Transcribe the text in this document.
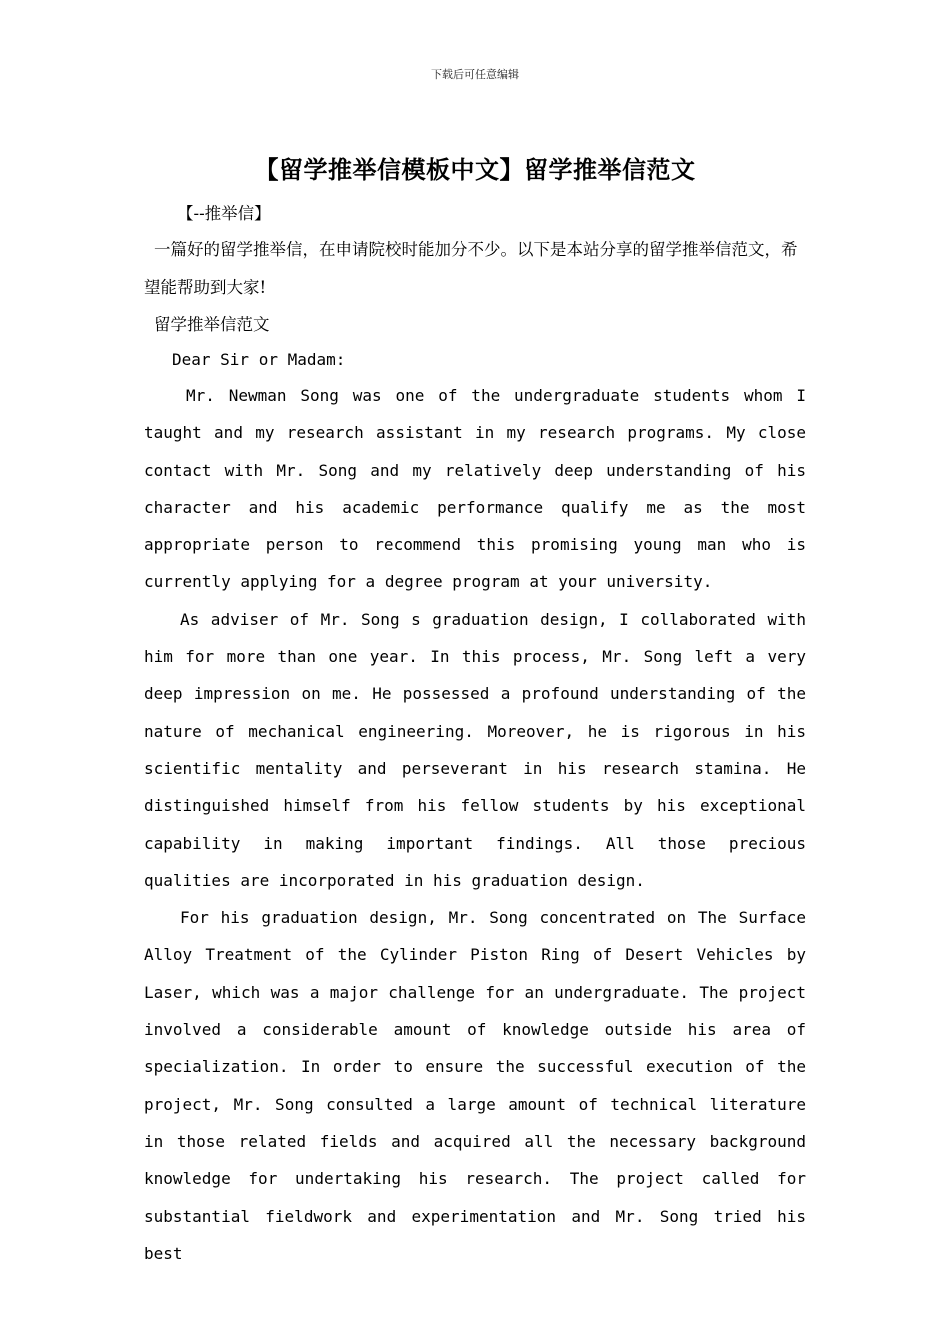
下载后可任意编辑
【留学推举信模板中文】留学推举信范文
【--推举信】

一篇好的留学推举信，在申请院校时能加分不少。以下是本站分享的留学推举信范文，希望能帮助到大家!

留学推举信范文
Dear Sir or Madam:

Mr. Newman Song was one of the undergraduate students whom I taught and my research assistant in my research programs. My close contact with Mr. Song and my relatively deep understanding of his character and his academic performance qualify me as the most appropriate person to recommend this promising young man who is currently applying for a degree program at your university.

As adviser of Mr. Song s graduation design, I collaborated with him for more than one year. In this process, Mr. Song left a very deep impression on me. He possessed a profound understanding of the nature of mechanical engineering. Moreover, he is rigorous in his scientific mentality and perseverant in his research stamina. He distinguished himself from his fellow students by his exceptional capability in making important findings. All those precious qualities are incorporated in his graduation design.

For his graduation design, Mr. Song concentrated on The Surface Alloy Treatment of the Cylinder Piston Ring of Desert Vehicles by Laser, which was a major challenge for an undergraduate. The project involved a considerable amount of knowledge outside his area of specialization. In order to ensure the successful execution of the project, Mr. Song consulted a large amount of technical literature in those related fields and acquired all the necessary background knowledge for undertaking his research. The project called for substantial fieldwork and experimentation and Mr. Song tried his best
